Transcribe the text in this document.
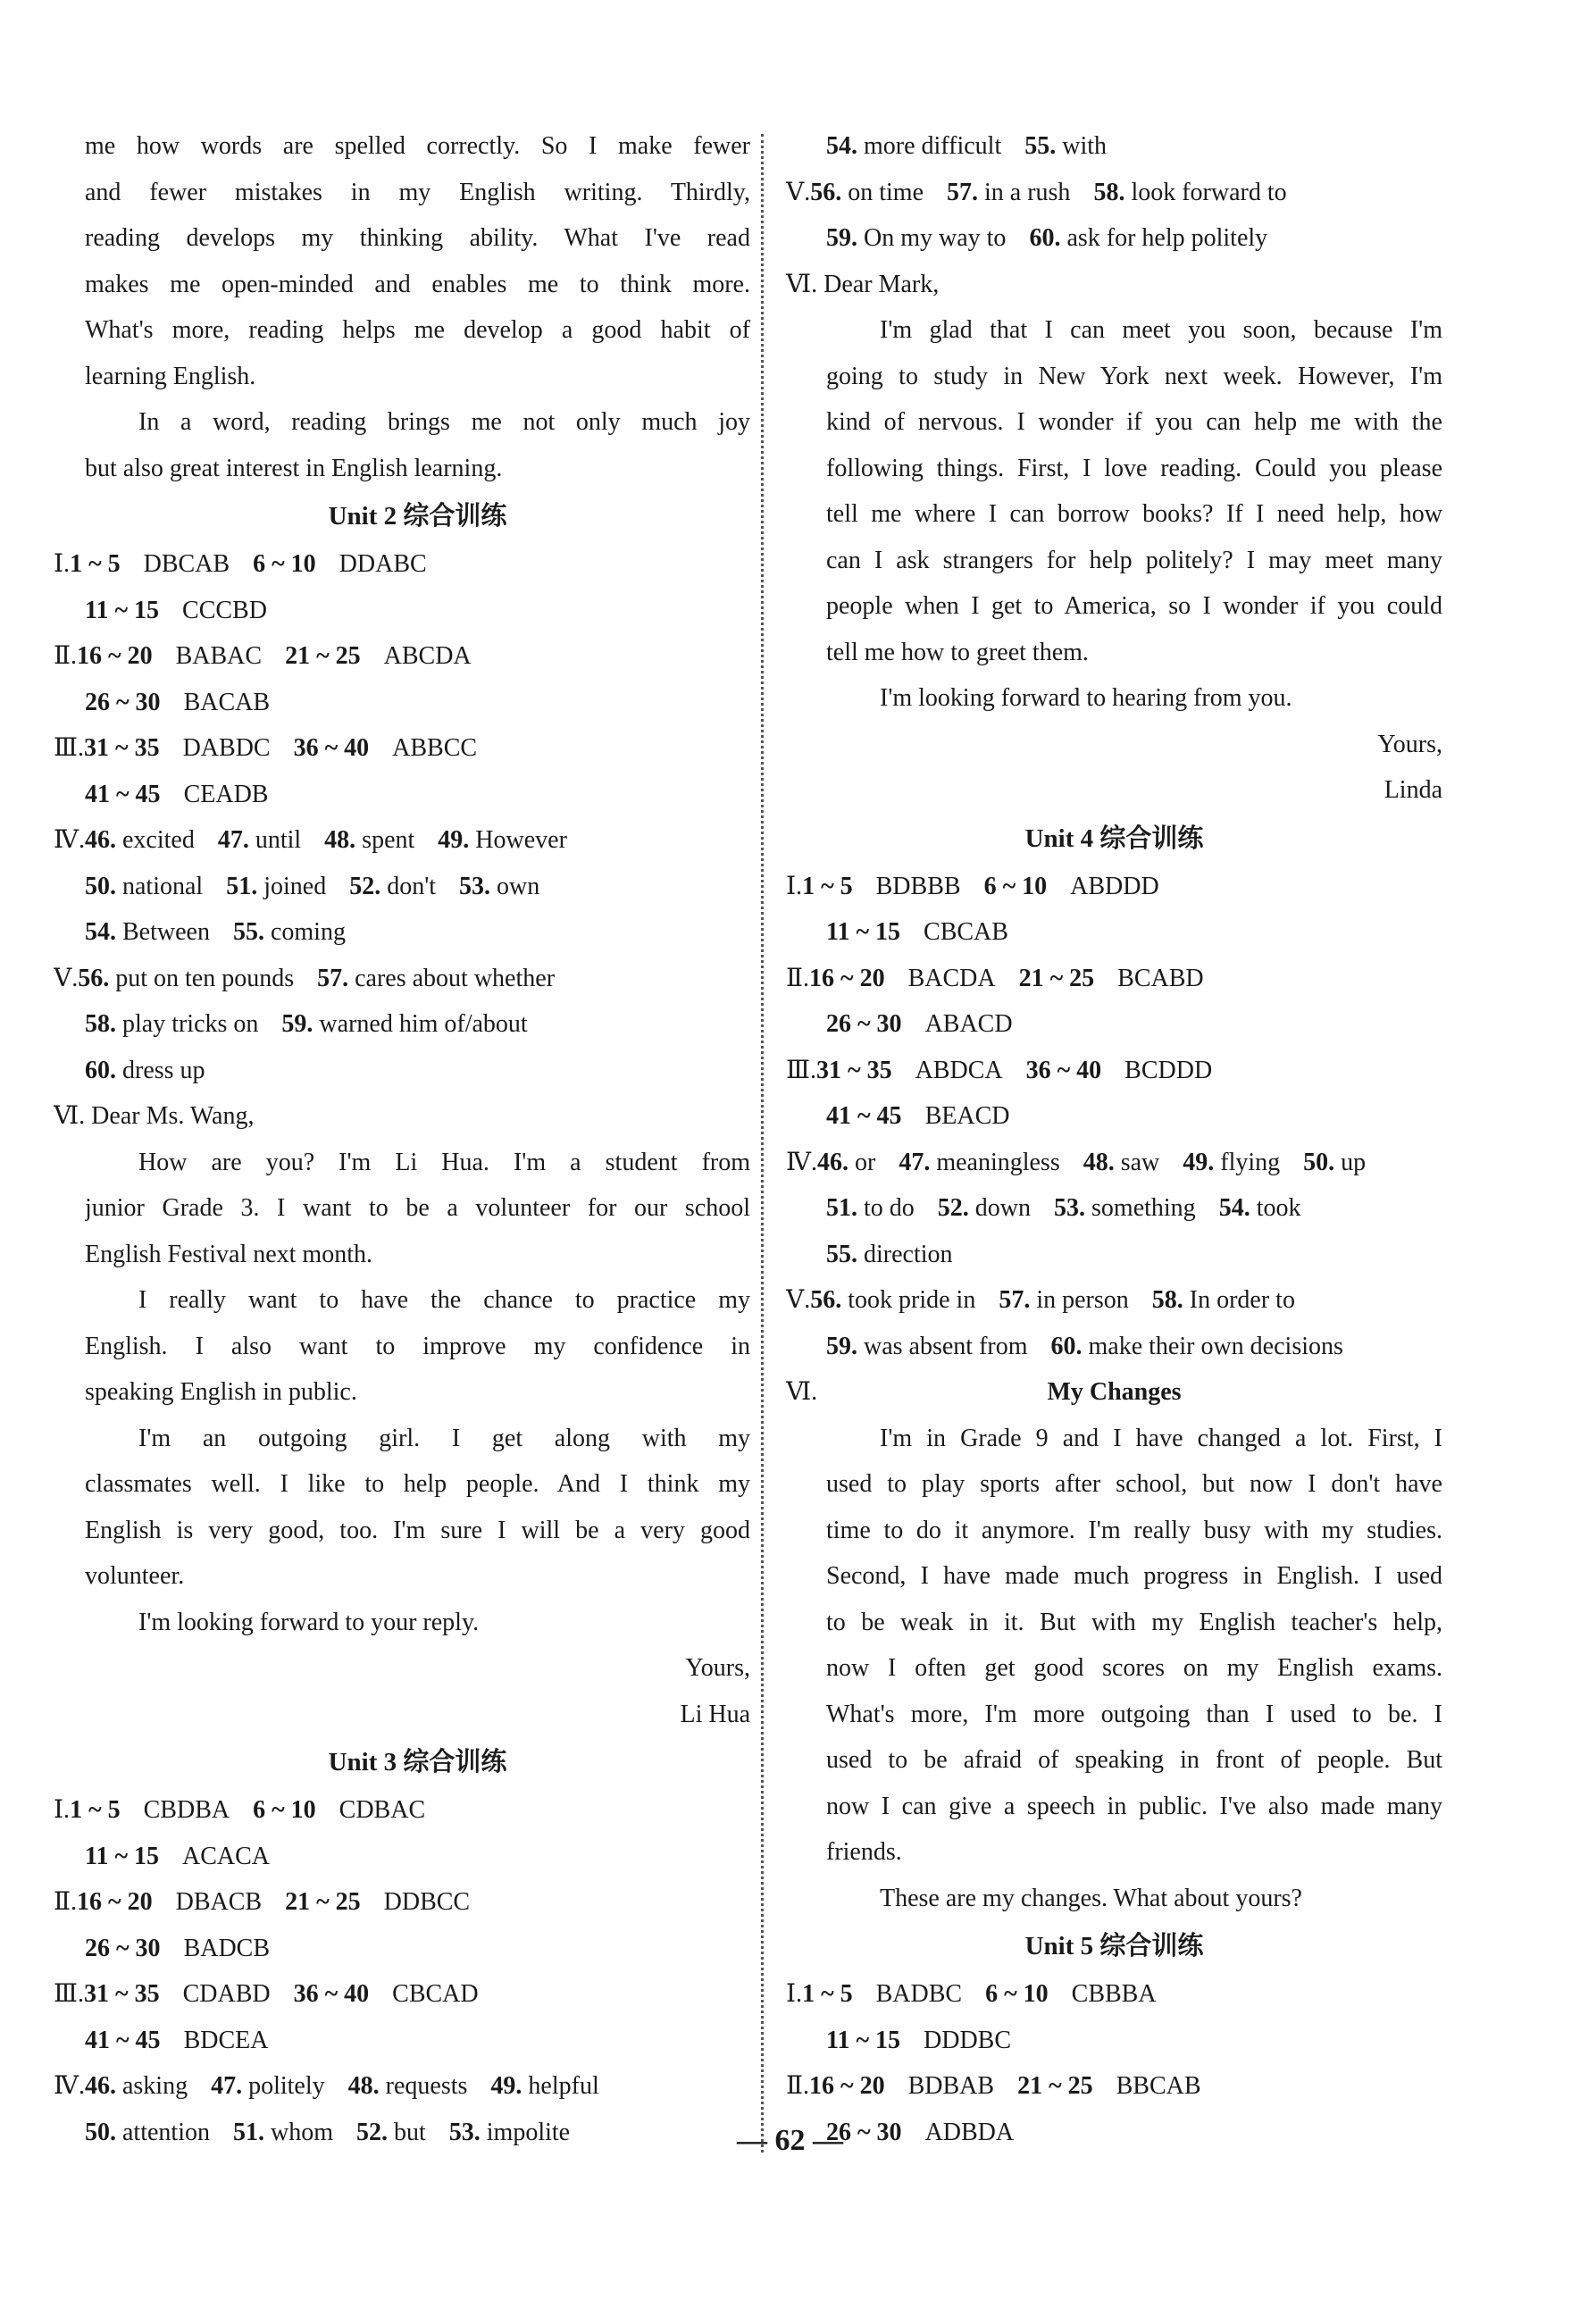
me how words are spelled correctly. So I make fewer
and fewer mistakes in my English writing. Thirdly,
reading develops my thinking ability. What I've read
makes me open-minded and enables me to think more.
What's more, reading helps me develop a good habit of
learning English.
In a word, reading brings me not only much joy
but also great interest in English learning.
Unit 2 综合训练
Ⅰ.1 ~ 5 DBCAB 6 ~ 10 DDABC
11 ~ 15 CCCBD
Ⅱ.16 ~ 20 BABAC 21 ~ 25 ABCDA
26 ~ 30 BACAB
Ⅲ.31 ~ 35 DABDC 36 ~ 40 ABBCC
41 ~ 45 CEADB
Ⅳ.46. excited 47. until 48. spent 49. However
50. national 51. joined 52. don't 53. own
54. Between 55. coming
Ⅴ.56. put on ten pounds 57. cares about whether
58. play tricks on 59. warned him of/about
60. dress up
Ⅵ. Dear Ms. Wang,
How are you? I'm Li Hua. I'm a student from
junior Grade 3. I want to be a volunteer for our school
English Festival next month.
I really want to have the chance to practice my
English. I also want to improve my confidence in
speaking English in public.
I'm an outgoing girl. I get along with my
classmates well. I like to help people. And I think my
English is very good, too. I'm sure I will be a very good
volunteer.
I'm looking forward to your reply.
Yours,
Li Hua
Unit 3 综合训练
Ⅰ.1 ~ 5 CBDBA 6 ~ 10 CDBAC
11 ~ 15 ACACA
Ⅱ.16 ~ 20 DBACB 21 ~ 25 DDBCC
26 ~ 30 BADCB
Ⅲ.31 ~ 35 CDABD 36 ~ 40 CBCAD
41 ~ 45 BDCEA
Ⅳ.46. asking 47. politely 48. requests 49. helpful
50. attention 51. whom 52. but 53. impolite
54. more difficult 55. with
Ⅴ.56. on time 57. in a rush 58. look forward to
59. On my way to 60. ask for help politely
Ⅵ. Dear Mark,
I'm glad that I can meet you soon, because I'm
going to study in New York next week. However, I'm
kind of nervous. I wonder if you can help me with the
following things. First, I love reading. Could you please
tell me where I can borrow books? If I need help, how
can I ask strangers for help politely? I may meet many
people when I get to America, so I wonder if you could
tell me how to greet them.
I'm looking forward to hearing from you.
Yours,
Linda
Unit 4 综合训练
Ⅰ.1 ~ 5 BDBBB 6 ~ 10 ABDDD
11 ~ 15 CBCAB
Ⅱ.16 ~ 20 BACDA 21 ~ 25 BCABD
26 ~ 30 ABACD
Ⅲ.31 ~ 35 ABDCA 36 ~ 40 BCDDD
41 ~ 45 BEACD
Ⅳ.46. or 47. meaningless 48. saw 49. flying 50. up
51. to do 52. down 53. something 54. took
55. direction
Ⅴ.56. took pride in 57. in person 58. In order to
59. was absent from 60. make their own decisions
Ⅵ.	My Changes
I'm in Grade 9 and I have changed a lot. First, I
used to play sports after school, but now I don't have
time to do it anymore. I'm really busy with my studies.
Second, I have made much progress in English. I used
to be weak in it. But with my English teacher's help,
now I often get good scores on my English exams.
What's more, I'm more outgoing than I used to be. I
used to be afraid of speaking in front of people. But
now I can give a speech in public. I've also made many
friends.
These are my changes. What about yours?
Unit 5 综合训练
Ⅰ.1 ~ 5 BADBC 6 ~ 10 CBBBA
11 ~ 15 DDDBC
Ⅱ.16 ~ 20 BDBAB 21 ~ 25 BBCAB
26 ~ 30 ADBDA
— 62 —
